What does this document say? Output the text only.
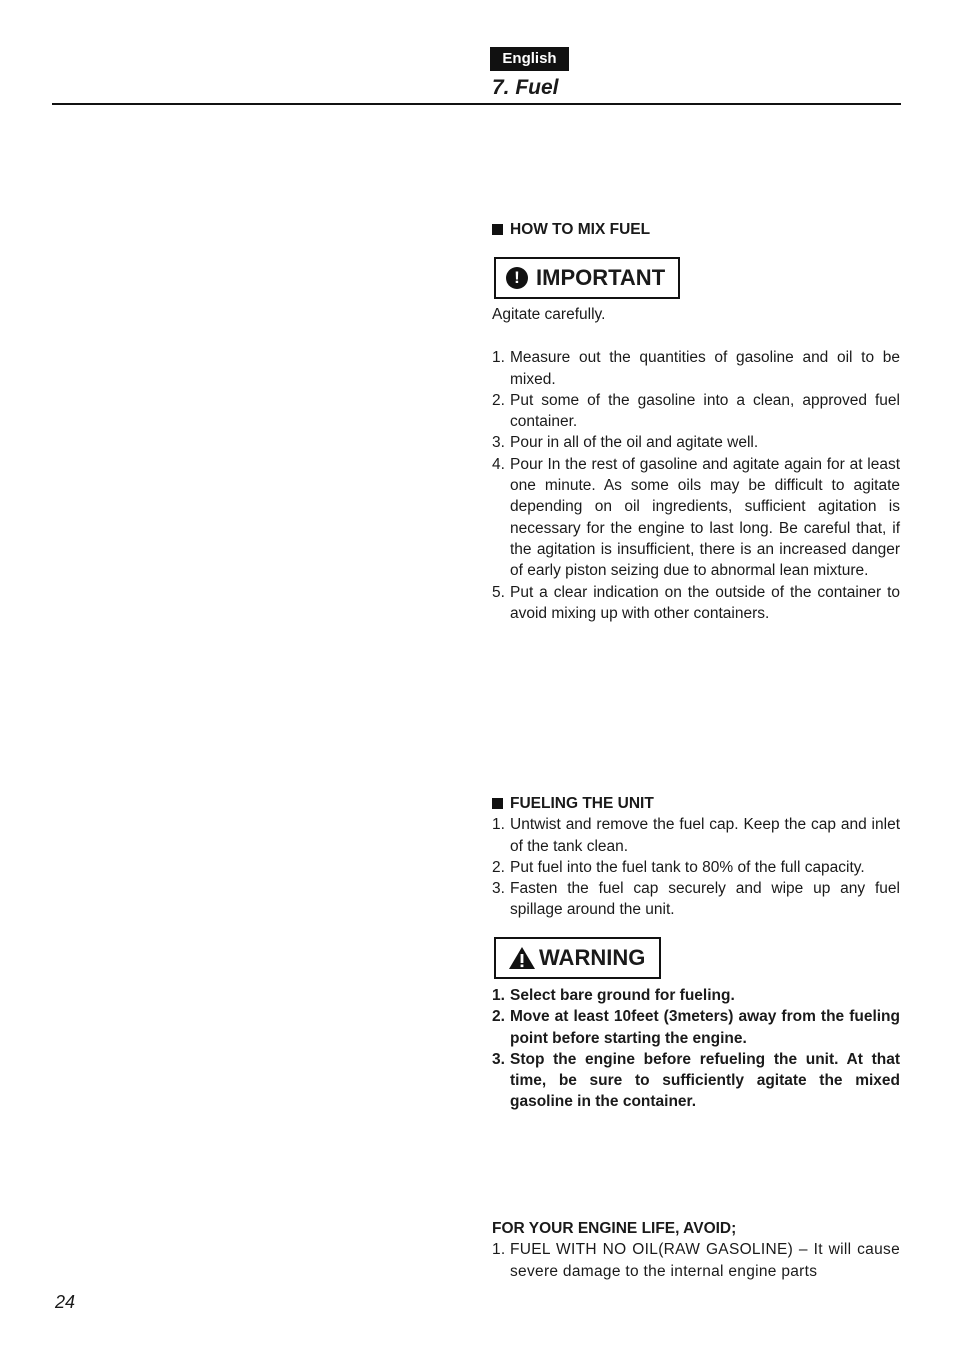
English
7. Fuel
HOW TO MIX FUEL
! IMPORTANT
Agitate carefully.
1. Measure out the quantities of gasoline and oil to be mixed.
2. Put some of the gasoline into a clean, approved fuel container.
3. Pour in all of the oil and agitate well.
4. Pour In the rest of gasoline and agitate again for at least one minute. As some oils may be difficult to agitate depending on oil ingredients, sufficient agitation is necessary for the engine to last long. Be careful that, if the agitation is insufficient, there is an increased danger of early piston seizing due to abnormal lean mixture.
5. Put a clear indication on the outside of the container to avoid mixing up with other containers.
FUELING THE UNIT
1. Untwist and remove the fuel cap. Keep the cap and inlet of the tank clean.
2. Put fuel into the fuel tank to 80% of the full capacity.
3. Fasten the fuel cap securely and wipe up any fuel spillage around the unit.
WARNING
1. Select bare ground for fueling.
2. Move at least 10feet (3meters) away from the fueling point before starting the engine.
3. Stop the engine before refueling the unit. At that time, be sure to sufficiently agitate the mixed gasoline in the container.
FOR YOUR ENGINE LIFE, AVOID;
1. FUEL WITH NO OIL(RAW GASOLINE) – It will cause severe damage to the internal engine parts
24
